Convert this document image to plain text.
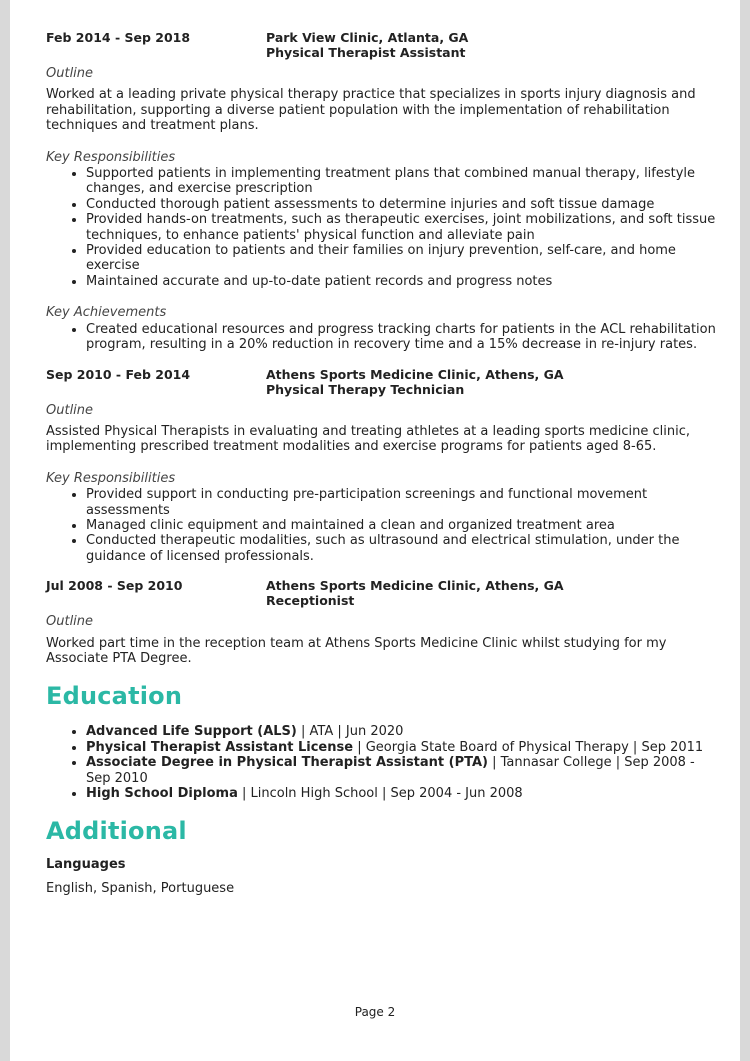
Feb 2014 - Sep 2018	Park View Clinic, Atlanta, GA
Physical Therapist Assistant
Outline
Worked at a leading private physical therapy practice that specializes in sports injury diagnosis and rehabilitation, supporting a diverse patient population with the implementation of rehabilitation techniques and treatment plans.
Key Responsibilities
• Supported patients in implementing treatment plans that combined manual therapy, lifestyle changes, and exercise prescription
• Conducted thorough patient assessments to determine injuries and soft tissue damage
• Provided hands-on treatments, such as therapeutic exercises, joint mobilizations, and soft tissue techniques, to enhance patients' physical function and alleviate pain
• Provided education to patients and their families on injury prevention, self-care, and home exercise
• Maintained accurate and up-to-date patient records and progress notes
Key Achievements
• Created educational resources and progress tracking charts for patients in the ACL rehabilitation program, resulting in a 20% reduction in recovery time and a 15% decrease in re-injury rates.
Sep 2010 - Feb 2014	Athens Sports Medicine Clinic, Athens, GA
Physical Therapy Technician
Outline
Assisted Physical Therapists in evaluating and treating athletes at a leading sports medicine clinic, implementing prescribed treatment modalities and exercise programs for patients aged 8-65.
Key Responsibilities
• Provided support in conducting pre-participation screenings and functional movement assessments
• Managed clinic equipment and maintained a clean and organized treatment area
• Conducted therapeutic modalities, such as ultrasound and electrical stimulation, under the guidance of licensed professionals.
Jul 2008 - Sep 2010	Athens Sports Medicine Clinic, Athens, GA
Receptionist
Outline
Worked part time in the reception team at Athens Sports Medicine Clinic whilst studying for my Associate PTA Degree.
Education
• Advanced Life Support (ALS) | ATA | Jun 2020
• Physical Therapist Assistant License | Georgia State Board of Physical Therapy | Sep 2011
• Associate Degree in Physical Therapist Assistant (PTA) | Tannasar College | Sep 2008 - Sep 2010
• High School Diploma | Lincoln High School | Sep 2004 - Jun 2008
Additional
Languages
English, Spanish, Portuguese
Page 2
